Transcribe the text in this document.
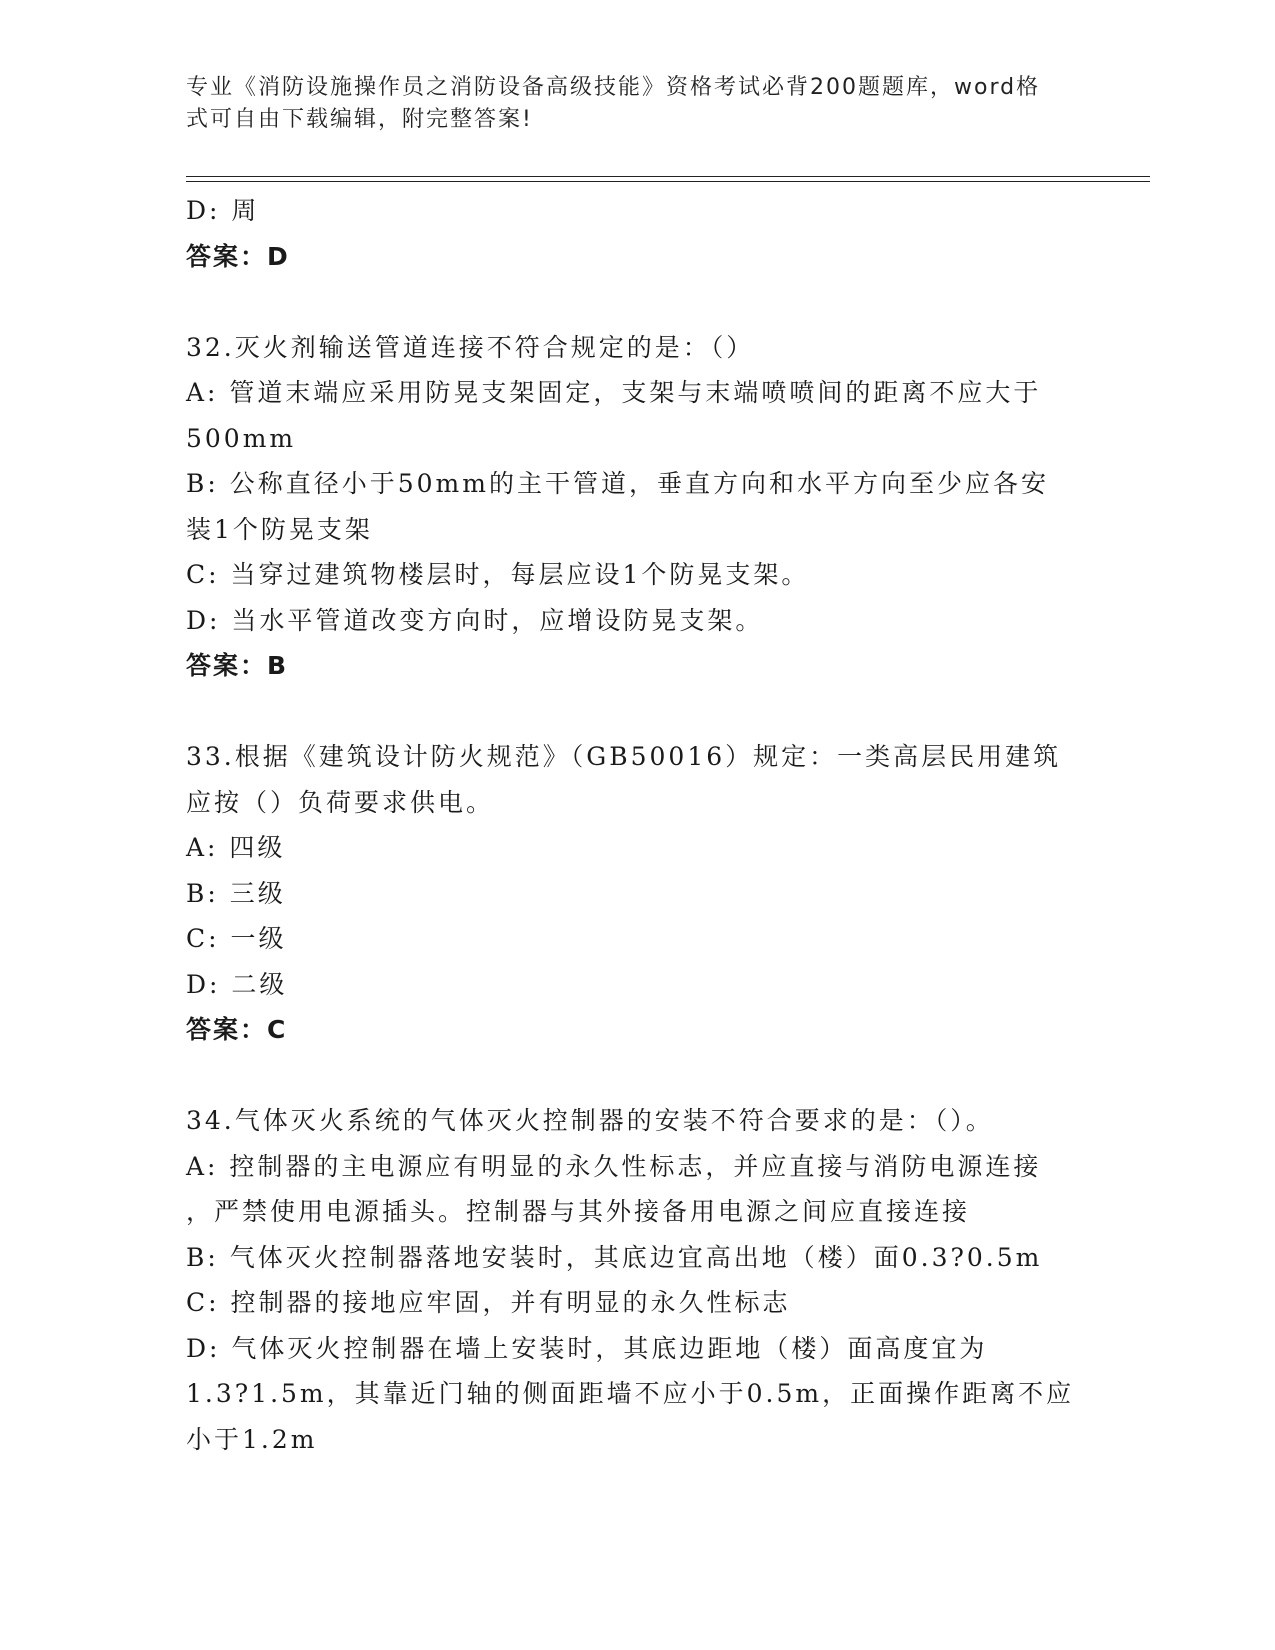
专业《消防设施操作员之消防设备高级技能》资格考试必背200题题库，word格
式可自由下载编辑，附完整答案!
D: 周
答案：D
32.灭火剂输送管道连接不符合规定的是：（）
A: 管道末端应采用防晃支架固定，支架与末端喷喷间的距离不应大于
500mm
B: 公称直径小于50mm的主干管道，垂直方向和水平方向至少应各安
装1个防晃支架
C: 当穿过建筑物楼层时，每层应设1个防晃支架。
D: 当水平管道改变方向时，应增设防晃支架。
答案：B
33.根据《建筑设计防火规范》（GB50016）规定：一类高层民用建筑
应按（）负荷要求供电。
A: 四级
B: 三级
C: 一级
D: 二级
答案：C
34.气体灭火系统的气体灭火控制器的安装不符合要求的是：（）。
A: 控制器的主电源应有明显的永久性标志，并应直接与消防电源连接
，严禁使用电源插头。控制器与其外接备用电源之间应直接连接
B: 气体灭火控制器落地安装时，其底边宜高出地（楼）面0.3?0.5m
C: 控制器的接地应牢固，并有明显的永久性标志
D: 气体灭火控制器在墙上安装时，其底边距地（楼）面高度宜为
1.3?1.5m，其靠近门轴的侧面距墙不应小于0.5m，正面操作距离不应
小于1.2m
